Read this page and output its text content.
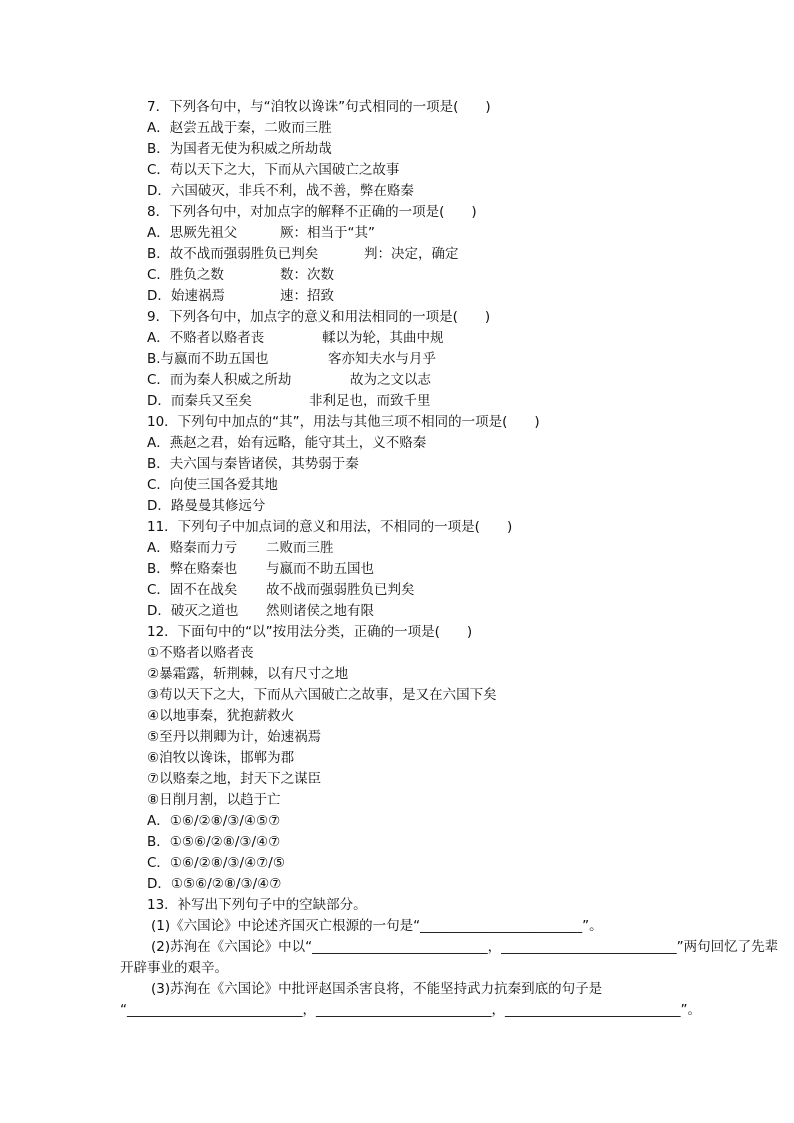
7．下列各句中，与“洎牧以谗诛”句式相同的一项是(　　)
A．赵尝五战于秦，二败而三胜
B．为国者无使为积威之所劫哉
C．苟以天下之大，下而从六国破亡之故事
D．六国破灭，非兵不利，战不善，弊在赂秦
8．下列各句中，对加点字的解释不正确的一项是(　　)
A．思厥先祖父	厥：相当于“其”
B．故不战而强弱胜负已判矣	判：决定，确定
C．胜负之数	数：次数
D．始速祸焉	速：招致
9．下列各句中，加点字的意义和用法相同的一项是(　　)
A．不赂者以赂者丧	輮以为轮，其曲中规
B.与嬴而不助五国也	客亦知夫水与月乎
C．而为秦人积威之所劫	故为之文以志
D．而秦兵又至矣	非利足也，而致千里
10．下列句中加点的“其”，用法与其他三项不相同的一项是(　　)
A．燕赵之君，始有远略，能守其土，义不赂秦
B．夫六国与秦皆诸侯，其势弱于秦
C．向使三国各爱其地
D．路曼曼其修远兮
11．下列句子中加点词的意义和用法，不相同的一项是(　　)
A．赂秦而力亏 二败而三胜
B．弊在赂秦也 与嬴而不助五国也
C．固不在战矣 故不战而强弱胜负已判矣
D．破灭之道也 然则诸侯之地有限
12．下面句中的“以”按用法分类，正确的一项是(　　)
①不赂者以赂者丧
②暴霜露，斩荆棘，以有尺寸之地
③苟以天下之大，下而从六国破亡之故事，是又在六国下矣
④以地事秦，犹抱薪救火
⑤至丹以荆卿为计，始速祸焉
⑥洎牧以谗诛，邯郸为郡
⑦以赂秦之地，封天下之谋臣
⑧日削月割，以趋于亡
A．①⑥/②⑧/③/④⑤⑦
B．①⑤⑥/②⑧/③/④⑦
C．①⑥/②⑧/③/④⑦/⑤
D．①⑤⑥/②⑧/③/④⑦
13．补写出下列句子中的空缺部分。
(1)《六国论》中论述齐国灭亡根源的一句是“________________________”。
(2)苏洵在《六国论》中以“__________________________，__________________________”两句回忆了先辈
开辟事业的艰辛。
(3)苏洵在《六国论》中批评赵国杀害良将，不能坚持武力抗秦到底的句子是
“__________________________，__________________________，__________________________”。
